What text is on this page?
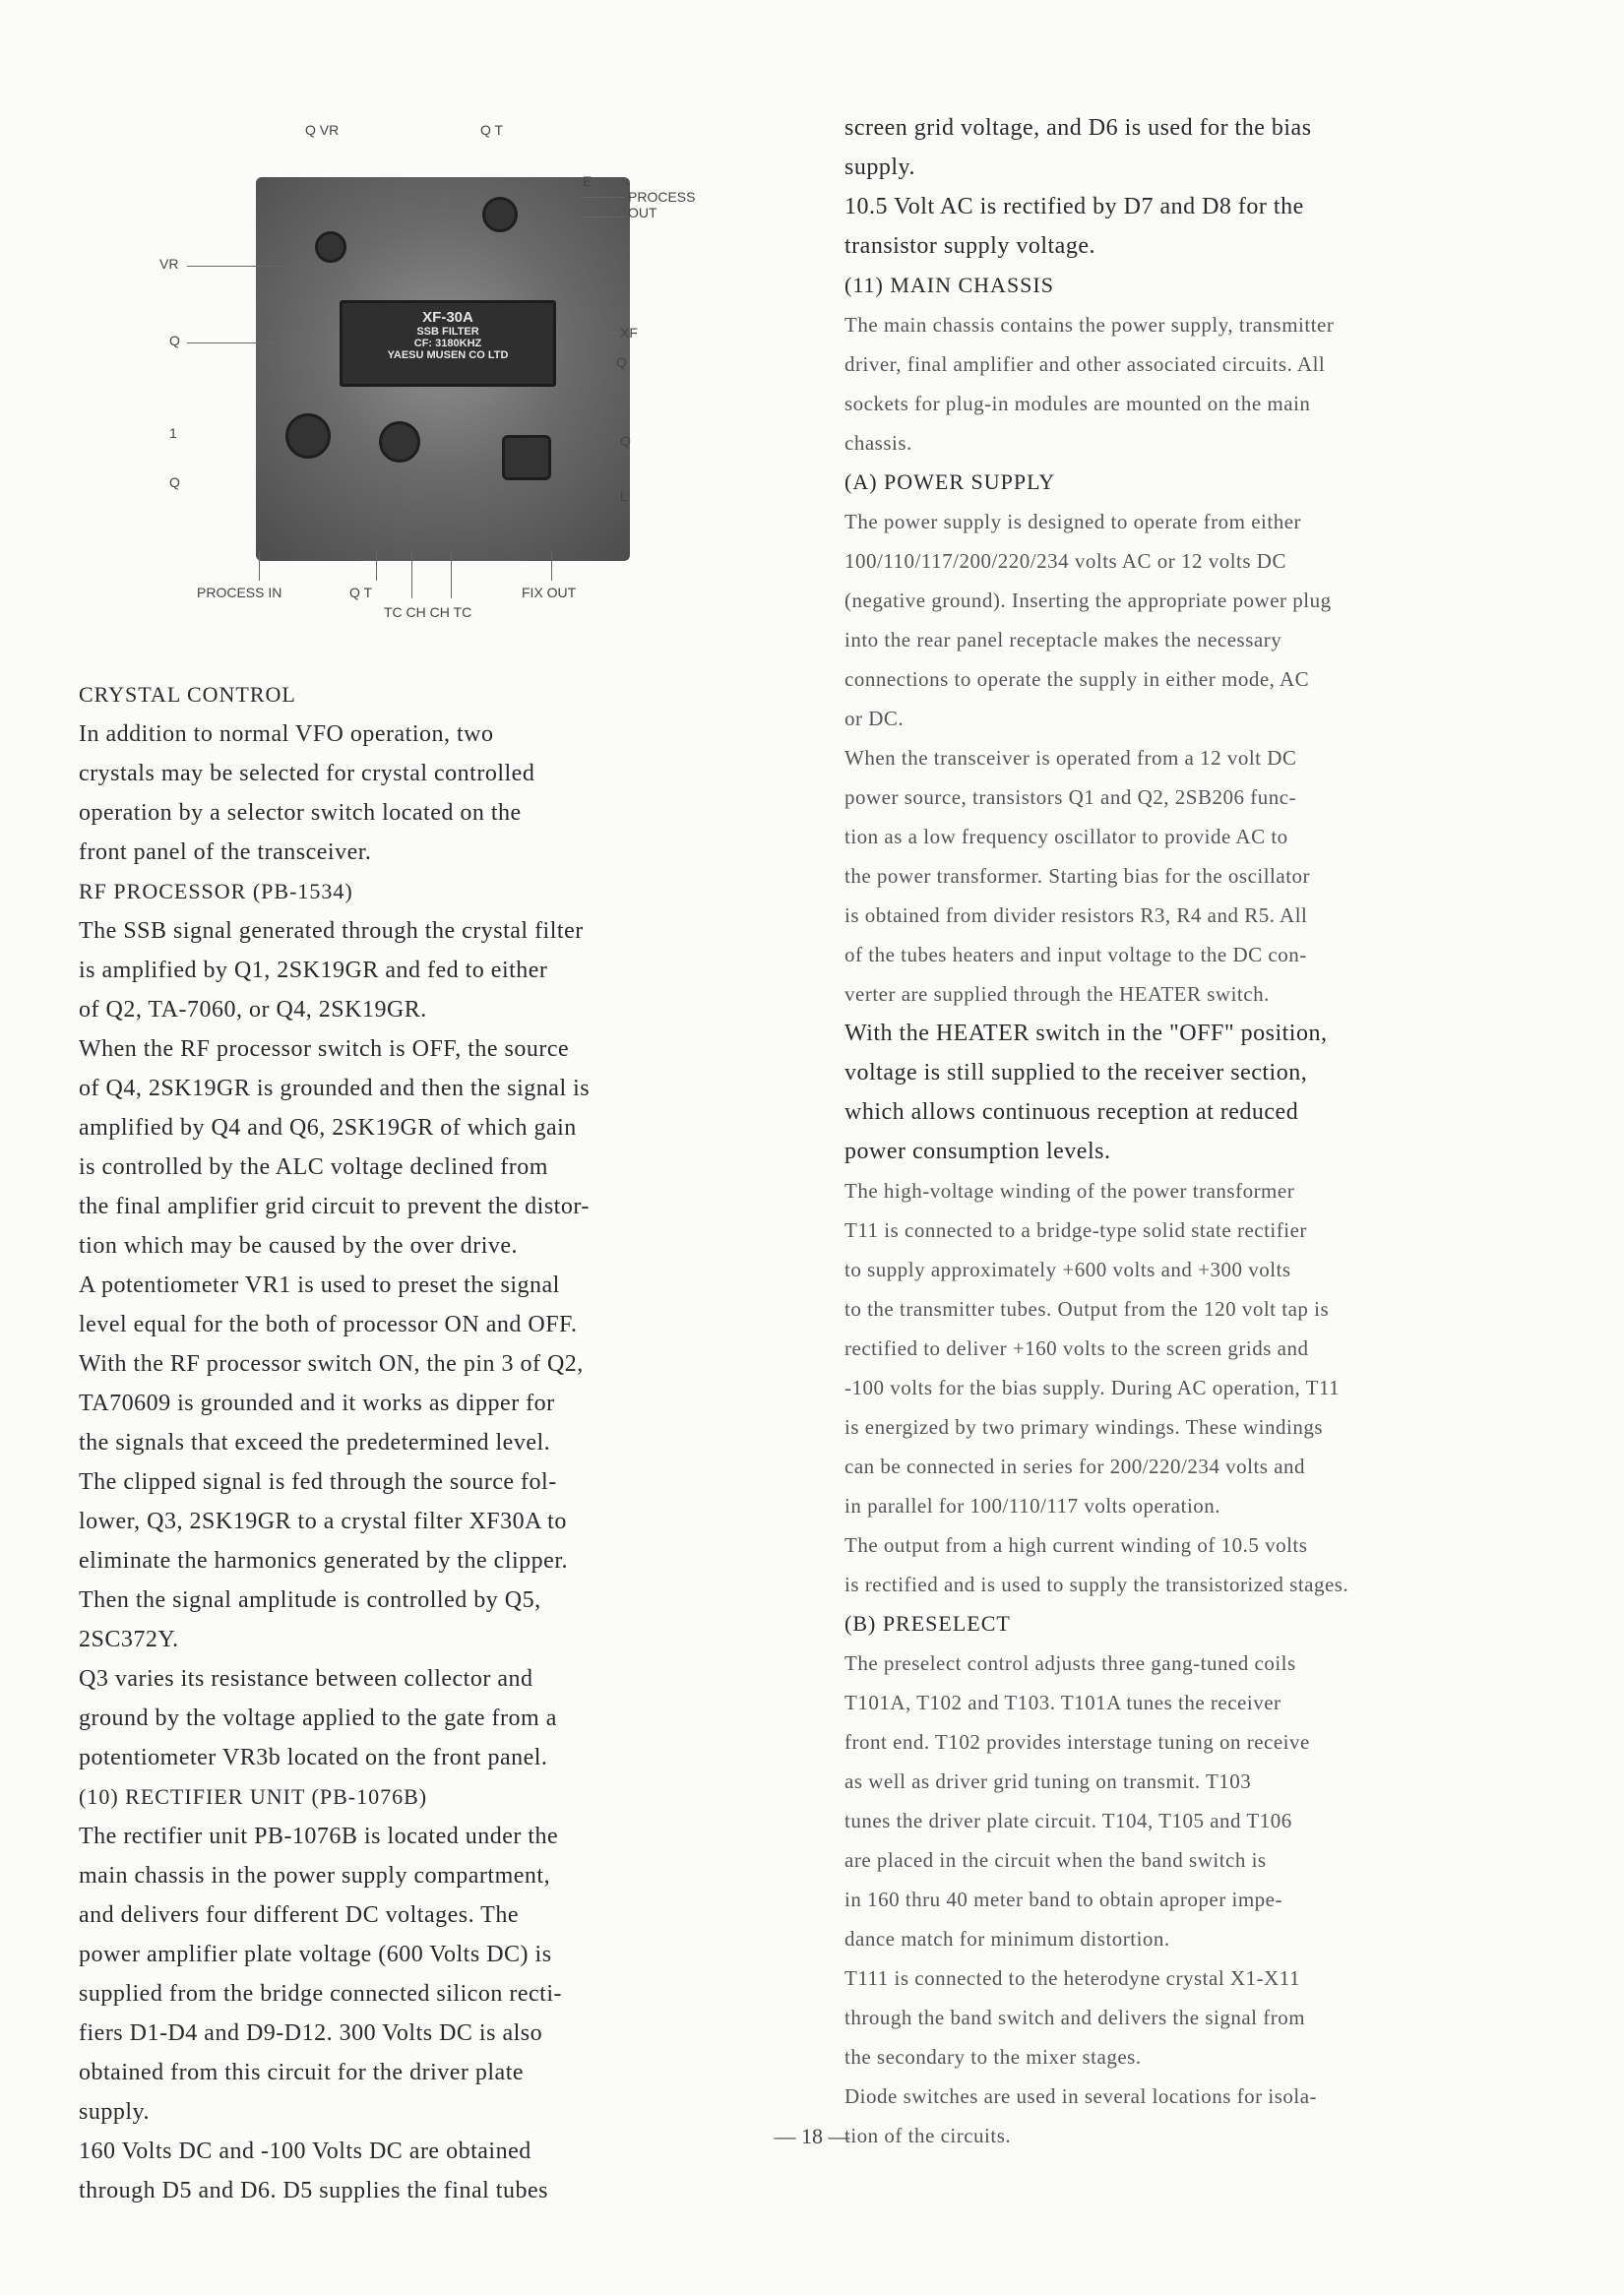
XF-30A
SSB FILTER
CF: 3180KHZ
YAESU MUSEN CO LTD
Q VR	Q T
E
PROCESS OUT
VR
Q	XF
Q
1
Q
Q
L
PROCESS IN	Q T
TC CH CH TC
FIX OUT

CRYSTAL CONTROL

In addition to normal VFO operation, two

crystals may be selected for crystal controlled

operation by a selector switch located on the

front panel of the transceiver.

RF PROCESSOR (PB-1534)

The SSB signal generated through the crystal filter

is amplified by Q1, 2SK19GR and fed to either

of Q2, TA-7060, or Q4, 2SK19GR.

When the RF processor switch is OFF, the source

of Q4, 2SK19GR is grounded and then the signal is

amplified by Q4 and Q6, 2SK19GR of which gain

is controlled by the ALC voltage declined from

the final amplifier grid circuit to prevent the distor-

tion which may be caused by the over drive.

A potentiometer VR1 is used to preset the signal

level equal for the both of processor ON and OFF.

With the RF processor switch ON, the pin 3 of Q2,

TA70609 is grounded and it works as dipper for

the signals that exceed the predetermined level.

The clipped signal is fed through the source fol-

lower, Q3, 2SK19GR to a crystal filter XF30A to

eliminate the harmonics generated by the clipper.

Then the signal amplitude is controlled by Q5,

2SC372Y.

Q3 varies its resistance between collector and

ground by the voltage applied to the gate from a

potentiometer VR3b located on the front panel.

(10) RECTIFIER UNIT (PB-1076B)

The rectifier unit PB-1076B is located under the

main chassis in the power supply compartment,

and delivers four different DC voltages. The

power amplifier plate voltage (600 Volts DC) is

supplied from the bridge connected silicon recti-

fiers D1-D4 and D9-D12. 300 Volts DC is also

obtained from this circuit for the driver plate

supply.

160 Volts DC and -100 Volts DC are obtained

through D5 and D6. D5 supplies the final tubes

screen grid voltage, and D6 is used for the bias

supply.

10.5 Volt AC is rectified by D7 and D8 for the

transistor supply voltage.

(11) MAIN CHASSIS

The main chassis contains the power supply, transmitter

driver, final amplifier and other associated circuits. All

sockets for plug-in modules are mounted on the main

chassis.

(A) POWER SUPPLY

The power supply is designed to operate from either

100/110/117/200/220/234 volts AC or 12 volts DC

(negative ground). Inserting the appropriate power plug

into the rear panel receptacle makes the necessary

connections to operate the supply in either mode, AC

or DC.

When the transceiver is operated from a 12 volt DC

power source, transistors Q1 and Q2, 2SB206 func-

tion as a low frequency oscillator to provide AC to

the power transformer. Starting bias for the oscillator

is obtained from divider resistors R3, R4 and R5. All

of the tubes heaters and input voltage to the DC con-

verter are supplied through the HEATER switch.

With the HEATER switch in the "OFF" position,

voltage is still supplied to the receiver section,

which allows continuous reception at reduced

power consumption levels.

The high-voltage winding of the power transformer

T11 is connected to a bridge-type solid state rectifier

to supply approximately +600 volts and +300 volts

to the transmitter tubes. Output from the 120 volt tap is

rectified to deliver +160 volts to the screen grids and

-100 volts for the bias supply. During AC operation, T11

is energized by two primary windings. These windings

can be connected in series for 200/220/234 volts and

in parallel for 100/110/117 volts operation.

The output from a high current winding of 10.5 volts

is rectified and is used to supply the transistorized stages.

(B) PRESELECT

The preselect control adjusts three gang-tuned coils

T101A, T102 and T103. T101A tunes the receiver

front end. T102 provides interstage tuning on receive

as well as driver grid tuning on transmit. T103

tunes the driver plate circuit. T104, T105 and T106

are placed in the circuit when the band switch is

in 160 thru 40 meter band to obtain aproper impe-

dance match for minimum distortion.

T111 is connected to the heterodyne crystal X1-X11

through the band switch and delivers the signal from

the secondary to the mixer stages.

Diode switches are used in several locations for isola-

tion of the circuits.

— 18 —
